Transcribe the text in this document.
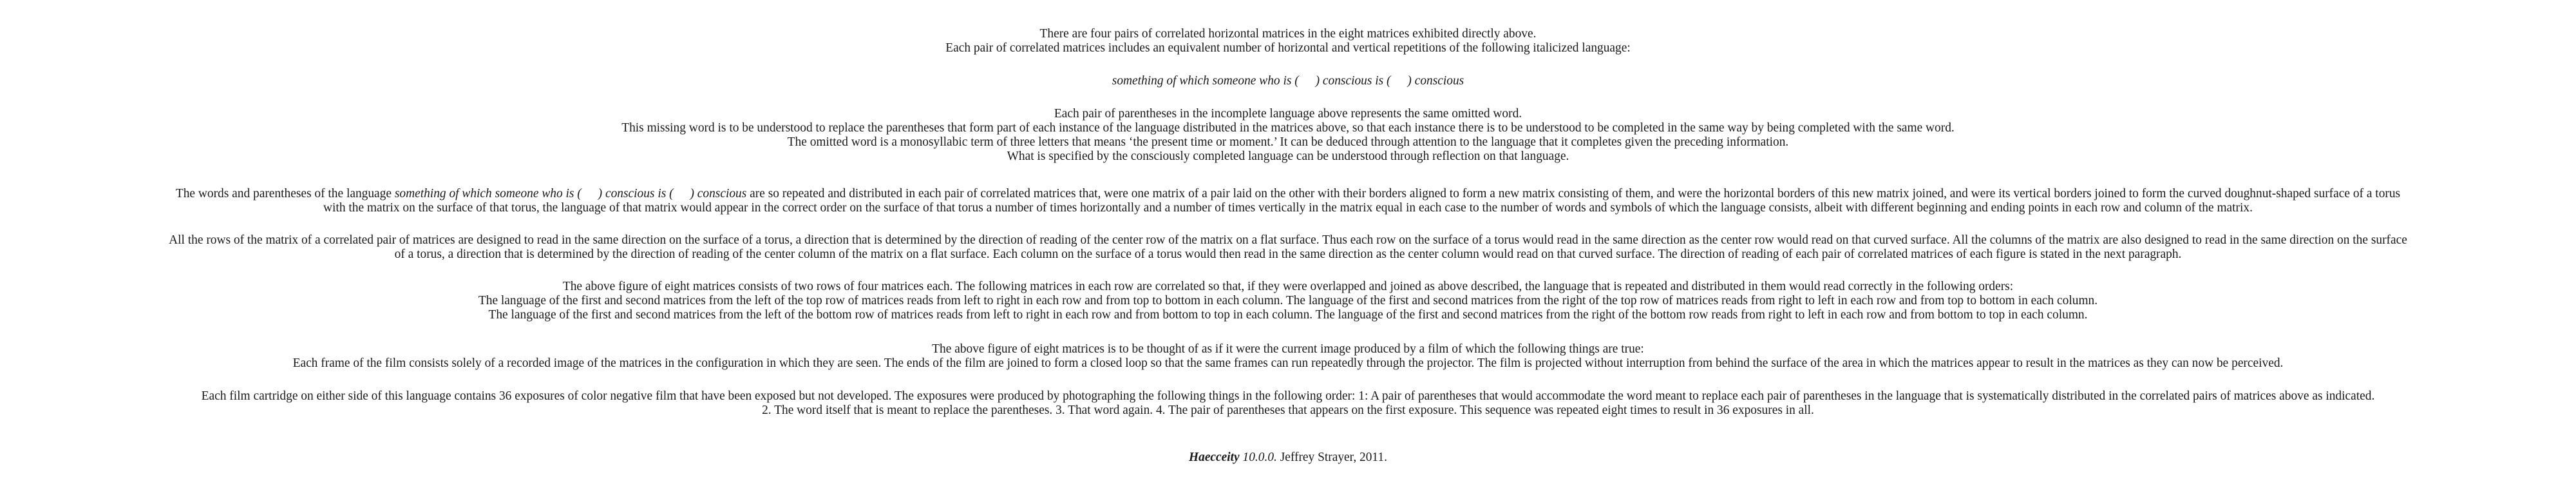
There are four pairs of correlated horizontal matrices in the eight matrices exhibited directly above.
Each pair of correlated matrices includes an equivalent number of horizontal and vertical repetitions of the following italicized language:
something of which someone who is ( ) conscious is ( ) conscious
Each pair of parentheses in the incomplete language above represents the same omitted word.
This missing word is to be understood to replace the parentheses that form part of each instance of the language distributed in the matrices above, so that each instance there is to be understood to be completed in the same way by being completed with the same word.
The omitted word is a monosyllabic term of three letters that means ‘the present time or moment.’ It can be deduced through attention to the language that it completes given the preceding information.
What is specified by the consciously completed language can be understood through reflection on that language.
The words and parentheses of the language something of which someone who is ( ) conscious is ( ) conscious are so repeated and distributed in each pair of correlated matrices that, were one matrix of a pair laid on the other with their borders aligned to form a new matrix consisting of them, and were the horizontal borders of this new matrix joined, and were its vertical borders joined to form the curved doughnut-shaped surface of a torus
with the matrix on the surface of that torus, the language of that matrix would appear in the correct order on the surface of that torus a number of times horizontally and a number of times vertically in the matrix equal in each case to the number of words and symbols of which the language consists, albeit with different beginning and ending points in each row and column of the matrix.
All the rows of the matrix of a correlated pair of matrices are designed to read in the same direction on the surface of a torus, a direction that is determined by the direction of reading of the center row of the matrix on a flat surface. Thus each row on the surface of a torus would read in the same direction as the center row would read on that curved surface. All the columns of the matrix are also designed to read in the same direction on the surface
of a torus, a direction that is determined by the direction of reading of the center column of the matrix on a flat surface. Each column on the surface of a torus would then read in the same direction as the center column would read on that curved surface. The direction of reading of each pair of correlated matrices of each figure is stated in the next paragraph.
The above figure of eight matrices consists of two rows of four matrices each. The following matrices in each row are correlated so that, if they were overlapped and joined as above described, the language that is repeated and distributed in them would read correctly in the following orders:
The language of the first and second matrices from the left of the top row of matrices reads from left to right in each row and from top to bottom in each column. The language of the first and second matrices from the right of the top row of matrices reads from right to left in each row and from top to bottom in each column.
The language of the first and second matrices from the left of the bottom row of matrices reads from left to right in each row and from bottom to top in each column. The language of the first and second matrices from the right of the bottom row reads from right to left in each row and from bottom to top in each column.
The above figure of eight matrices is to be thought of as if it were the current image produced by a film of which the following things are true:
Each frame of the film consists solely of a recorded image of the matrices in the configuration in which they are seen. The ends of the film are joined to form a closed loop so that the same frames can run repeatedly through the projector. The film is projected without interruption from behind the surface of the area in which the matrices appear to result in the matrices as they can now be perceived.
Each film cartridge on either side of this language contains 36 exposures of color negative film that have been exposed but not developed. The exposures were produced by photographing the following things in the following order: 1: A pair of parentheses that would accommodate the word meant to replace each pair of parentheses in the language that is systematically distributed in the correlated pairs of matrices above as indicated.
2. The word itself that is meant to replace the parentheses. 3. That word again. 4. The pair of parentheses that appears on the first exposure. This sequence was repeated eight times to result in 36 exposures in all.
Haecceity 10.0.0. Jeffrey Strayer, 2011.
